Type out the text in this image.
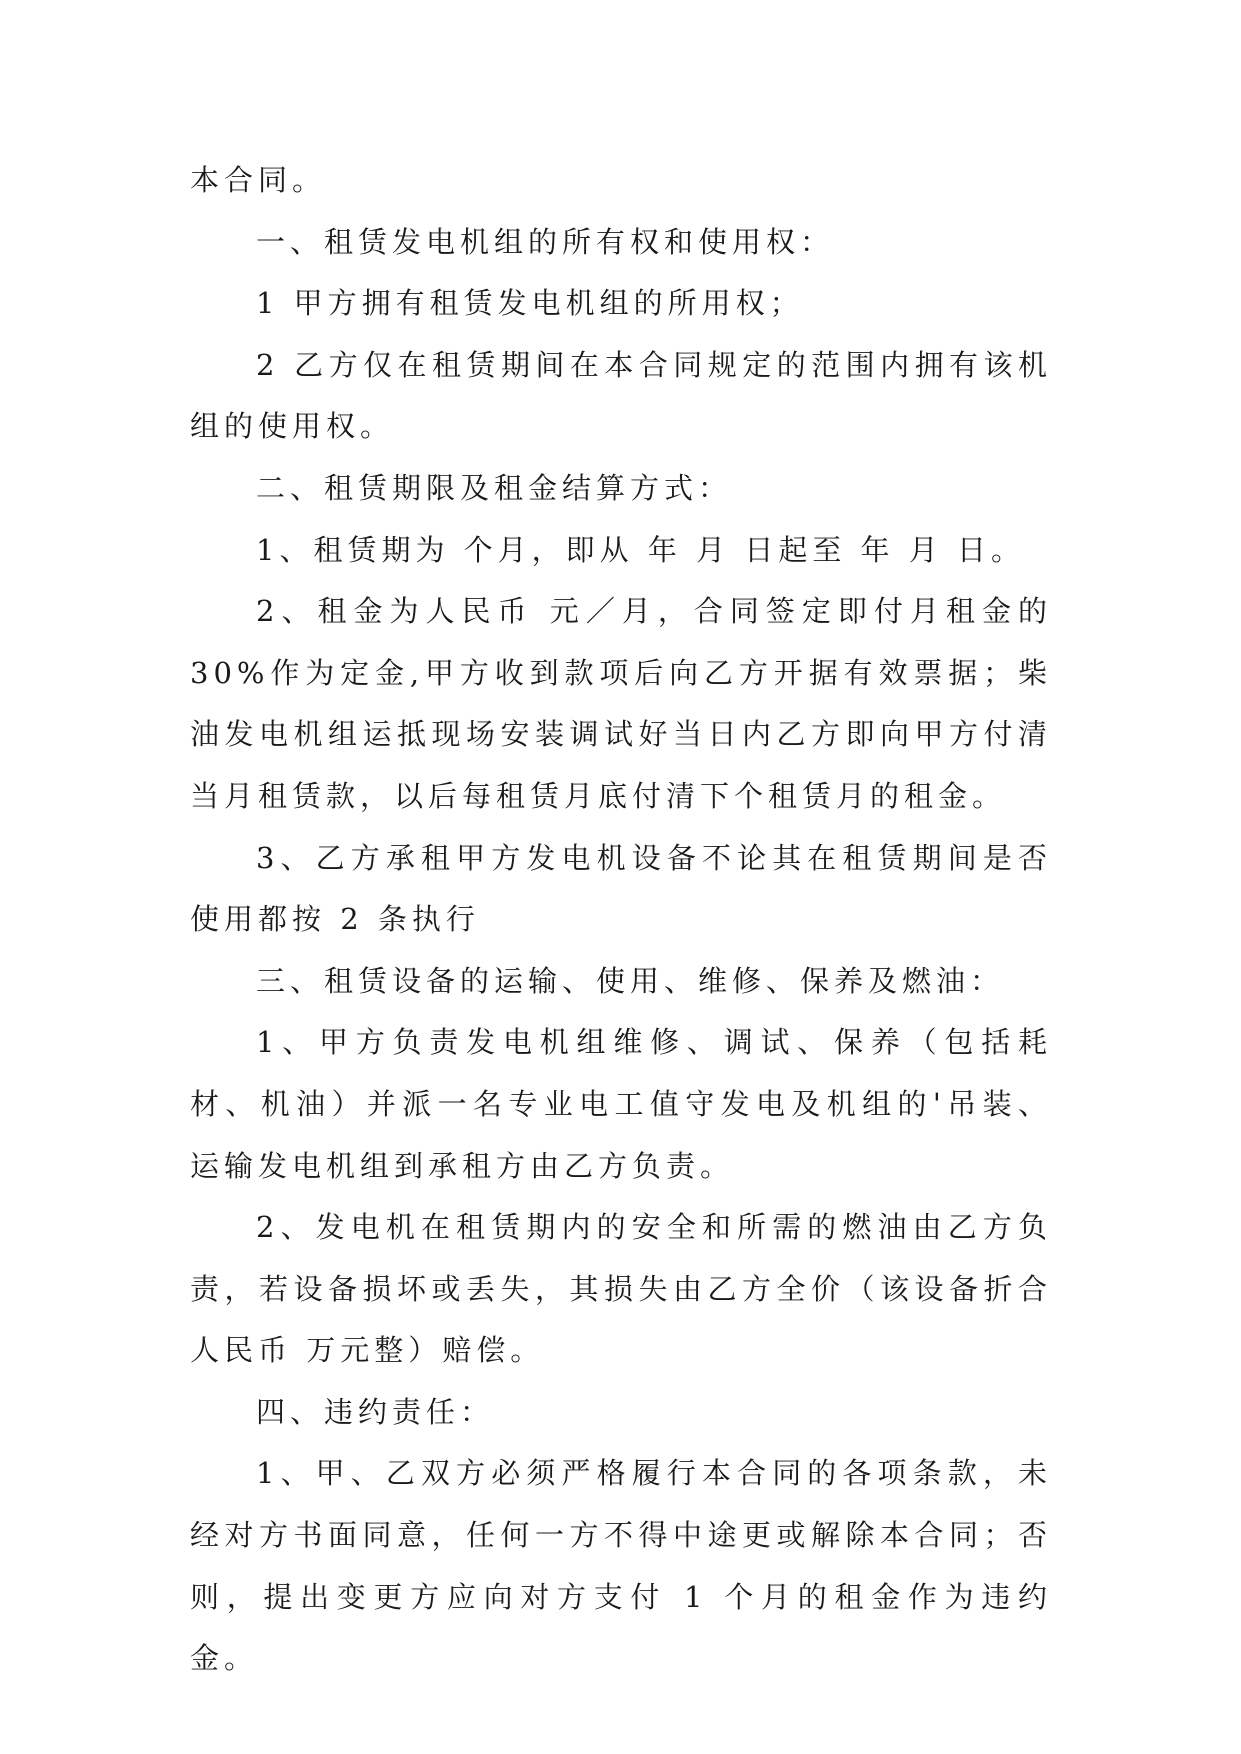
本合同。

一、租赁发电机组的所有权和使用权：

1 甲方拥有租赁发电机组的所用权；

2 乙方仅在租赁期间在本合同规定的范围内拥有该机组的使用权。

二、租赁期限及租金结算方式：

1、租赁期为 个月，即从 年 月 日起至 年 月 日。

2、租金为人民币 元／月，合同签定即付月租金的 30%作为定金,甲方收到款项后向乙方开据有效票据；柴油发电机组运抵现场安装调试好当日内乙方即向甲方付清当月租赁款，以后每租赁月底付清下个租赁月的租金。

3、乙方承租甲方发电机设备不论其在租赁期间是否使用都按 2 条执行

三、租赁设备的运输、使用、维修、保养及燃油：

1、甲方负责发电机组维修、调试、保养（包括耗材、机油）并派一名专业电工值守发电及机组的'吊装、运输发电机组到承租方由乙方负责。

2、发电机在租赁期内的安全和所需的燃油由乙方负责，若设备损坏或丢失，其损失由乙方全价（该设备折合人民币 万元整）赔偿。

四、违约责任：

1、甲、乙双方必须严格履行本合同的各项条款，未经对方书面同意，任何一方不得中途更或解除本合同；否则，提出变更方应向对方支付 1 个月的租金作为违约金。
